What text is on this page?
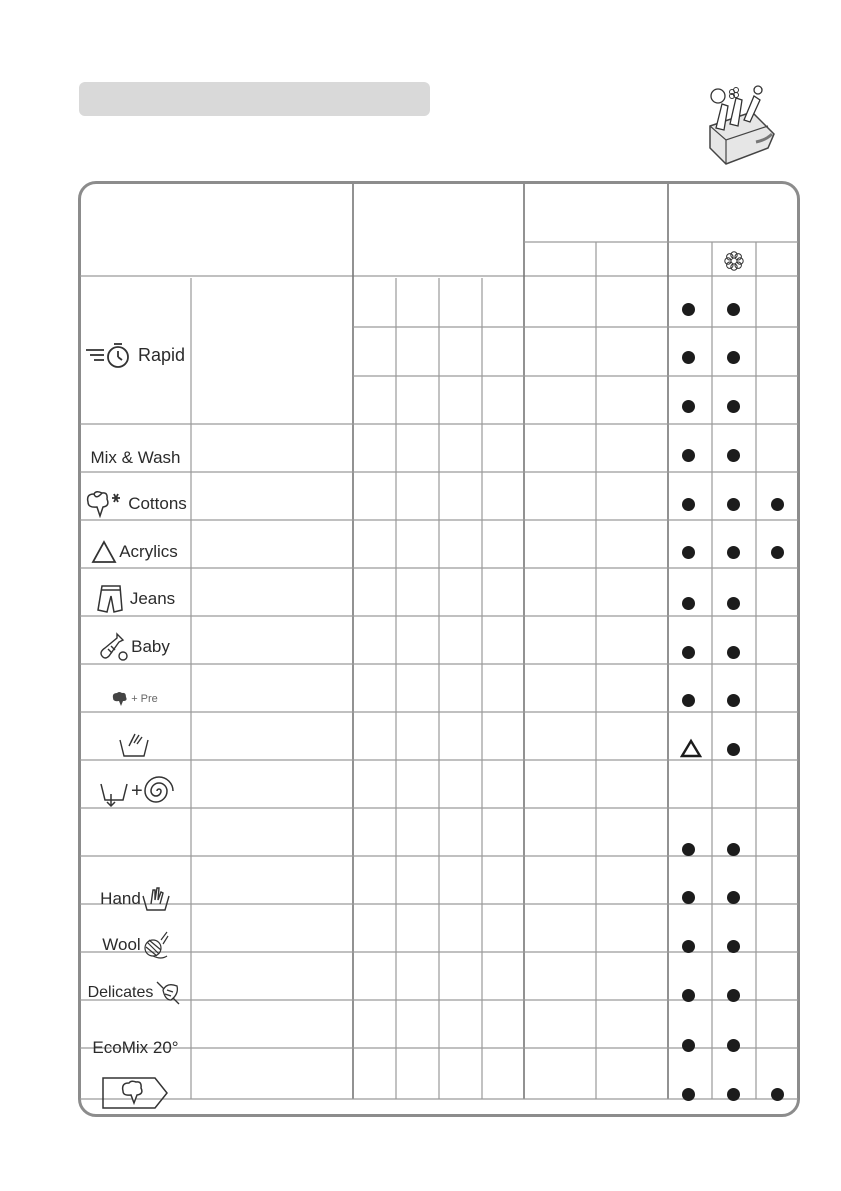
Rapid
Mix & Wash
Cottons
Acrylics
Jeans
Baby
+ Pre
+
Hand
Wool
Delicates
EcoMix 20°
